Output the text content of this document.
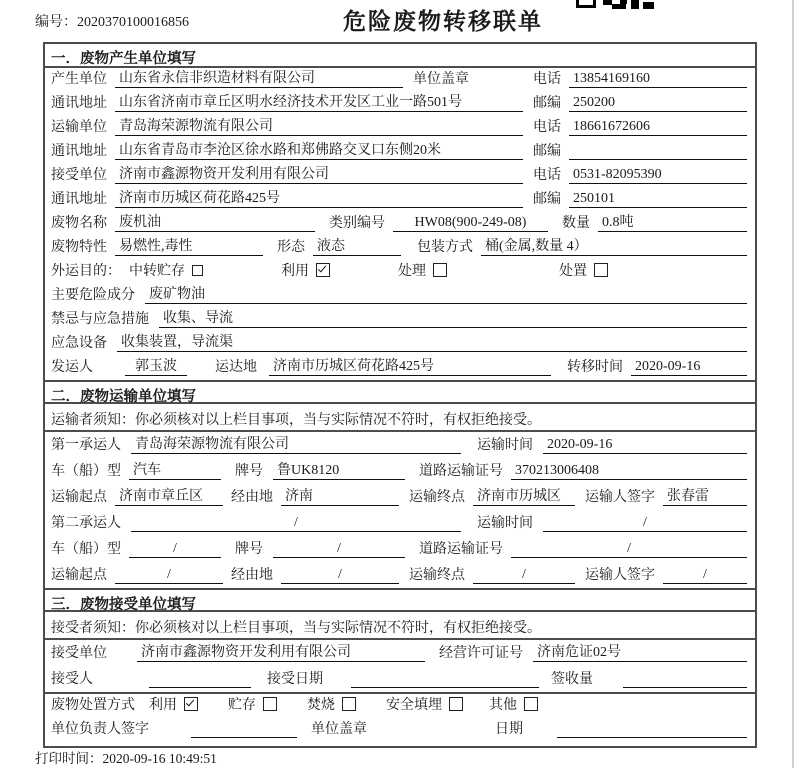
编号：2020370100016856	危险废物转移联单
一．废物产生单位填写
产生单位 山东省永信非织造材料有限公司	单位盖章	电话 13854169160
通讯地址 山东省济南市章丘区明水经济技术开发区工业一路501号	邮编 250200
运输单位 青岛海荣源物流有限公司	电话 18661672606
通讯地址 山东省青岛市李沧区徐水路和郑佛路交叉口东侧20米	邮编
接受单位 济南市鑫源物资开发利用有限公司	电话 0531-82095390
通讯地址 济南市历城区荷花路425号	邮编 250101
废物名称 废机油	类别编号	HW08(900-249-08)	数量 0.8吨
废物特性 易燃性,毒性	形态 液态	包装方式 桶(金属,数量 4）
外运目的： 中转贮存	利用	处理	处置
主要危险成分 废矿物油
禁忌与应急措施 收集、导流
应急设备 收集装置，导流渠
发运人	郭玉波	运达地 济南市历城区荷花路425号	转移时间 2020-09-16
二．废物运输单位填写
运输者须知：你必须核对以上栏目事项，当与实际情况不符时，有权拒绝接受。
第一承运人 青岛海荣源物流有限公司	运输时间 2020-09-16
车（船）型 汽车	牌号 鲁UK8120	道路运输证号 370213006408
运输起点 济南市章丘区	经由地 济南	运输终点 济南市历城区	运输人签字 张春雷
第二承运人	/	运输时间	/
车（船）型	/	牌号	/	道路运输证号	/
运输起点	/	经由地	/	运输终点	/	运输人签字	/
三．废物接受单位填写
接受者须知：你必须核对以上栏目事项，当与实际情况不符时，有权拒绝接受。
接受单位 济南市鑫源物资开发利用有限公司	经营许可证号 济南危证02号
接受人	接受日期	签收量
废物处置方式 利用	贮存	焚烧	安全填埋	其他
单位负责人签字	单位盖章	日期
打印时间：2020-09-16 10:49:51
